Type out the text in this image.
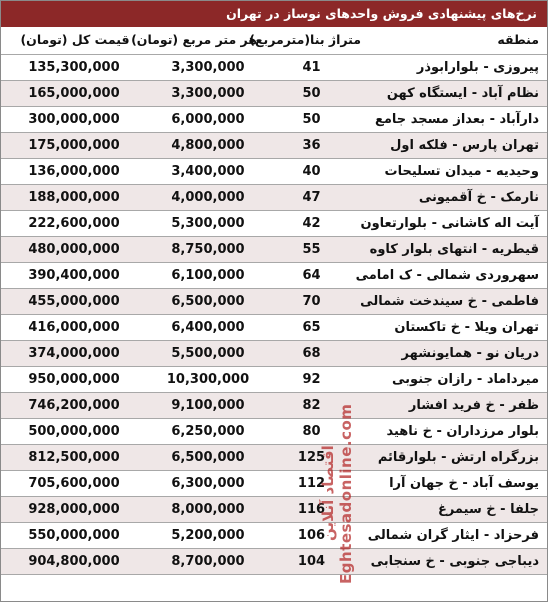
نرخ‌های پیشنهادی فروش واحدهای نوساز در تهران
منطقه
متراژ بنا(مترمربع)
هر متر مربع (تومان)
قیمت کل (تومان)
پیروزی - بلوارابوذر
41
3,300,000
135,300,000
نظام آباد - ایستگاه کهن
50
3,300,000
165,000,000
دارآباد - بعداز مسجد جامع
50
6,000,000
300,000,000
تهران پارس - فلکه اول
36
4,800,000
175,000,000
وحیدیه - میدان تسلیحات
40
3,400,000
136,000,000
نارمک - خ آقمیونی
47
4,000,000
188,000,000
آیت اله کاشانی - بلوارتعاون
42
5,300,000
222,600,000
قیطریه - انتهای بلوار کاوه
55
8,750,000
480,000,000
سهروردی شمالی - ک امامی
64
6,100,000
390,400,000
فاطمی - خ سیندخت شمالی
70
6,500,000
455,000,000
تهران ویلا - خ تاکستان
65
6,400,000
416,000,000
دریان نو - همایونشهر
68
5,500,000
374,000,000
میرداماد - رازان جنوبی
92
10,300,000
950,000,000
ظفر - خ فرید افشار
82
9,100,000
746,200,000
بلوار مرزداران - خ ناهید
80
6,250,000
500,000,000
بزرگراه ارتش - بلوارقائم
125
6,500,000
812,500,000
یوسف آباد - خ جهان آرا
112
6,300,000
705,600,000
جلفا - خ سیمرغ
116
8,000,000
928,000,000
فرحزاد - ایثار گران شمالی
106
5,200,000
550,000,000
دیباجی جنوبی - خ سنجابی
104
8,700,000
904,800,000
اقتصاد آنلاین Eghtesadonline.com
